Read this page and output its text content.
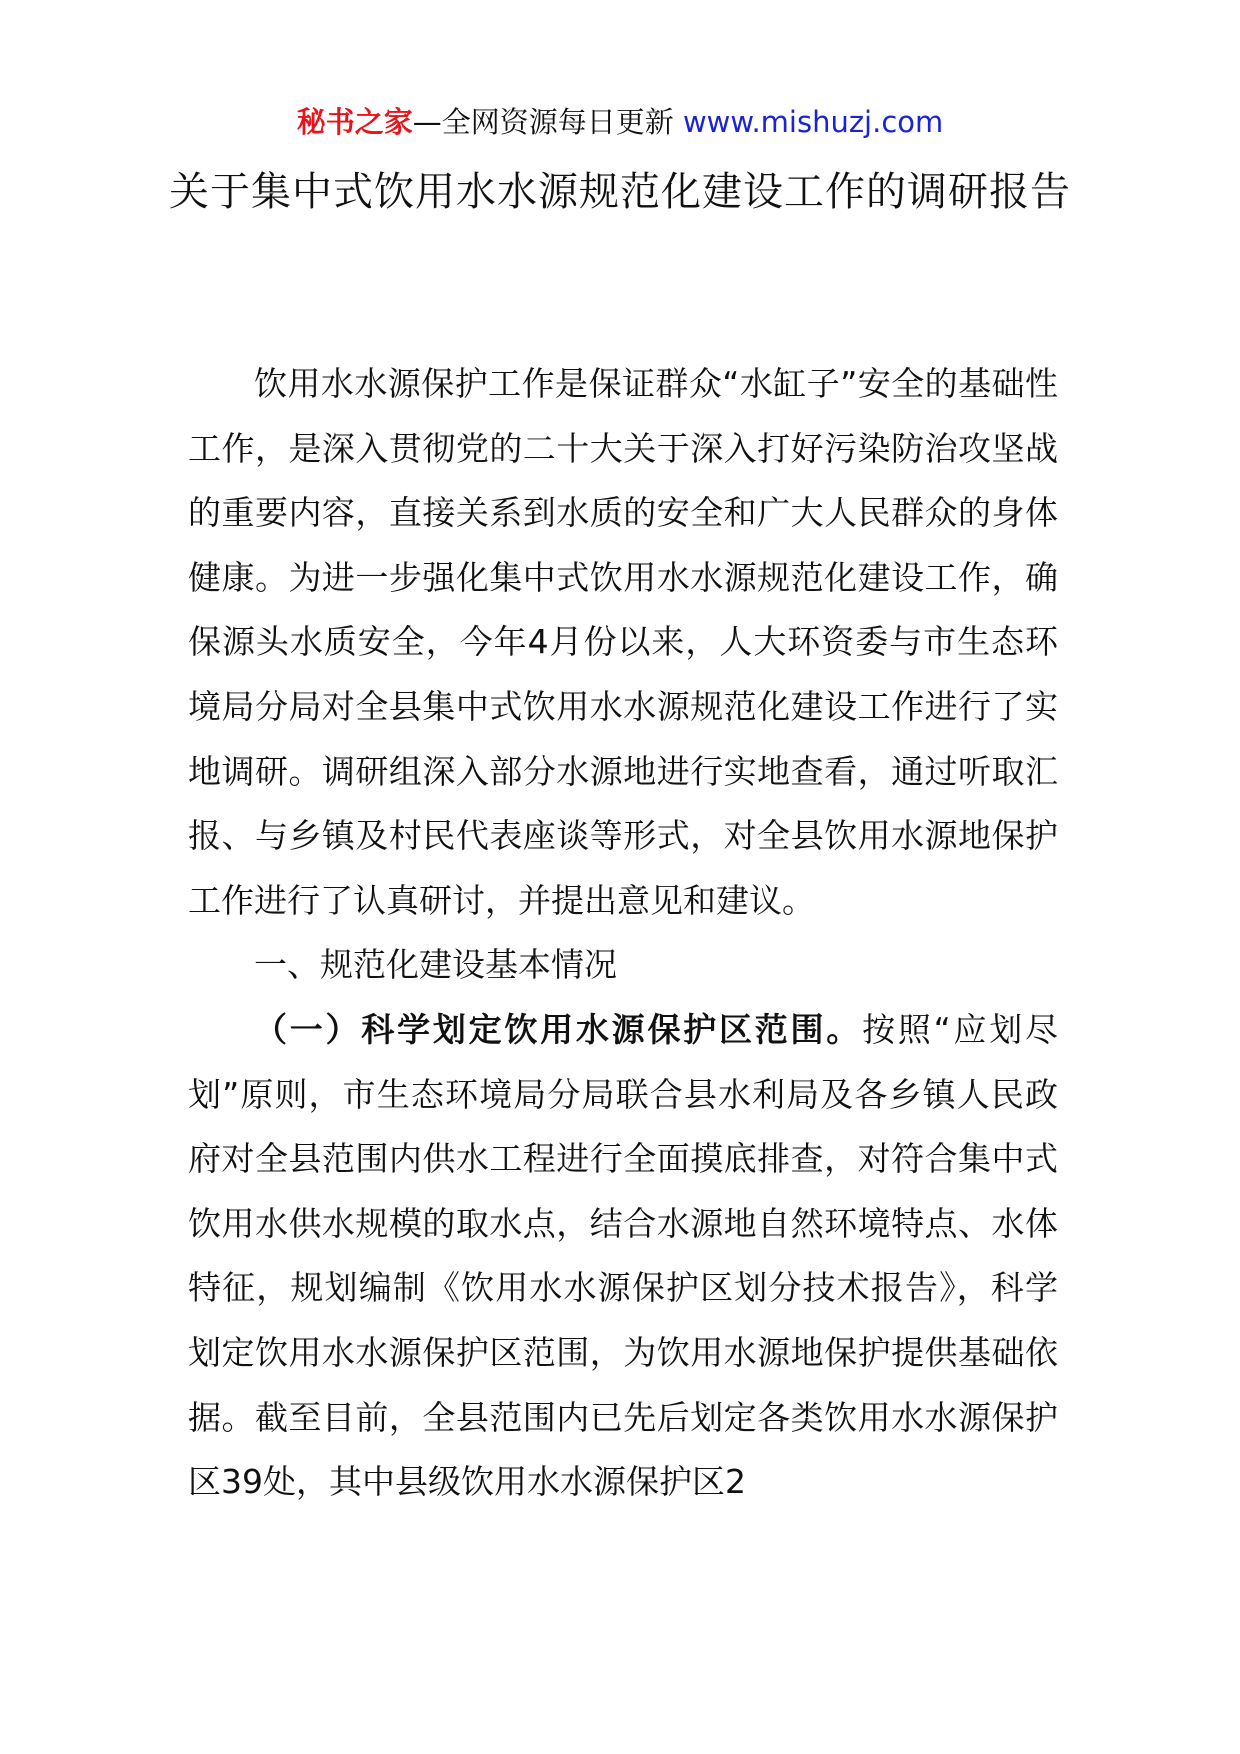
秘书之家—全网资源每日更新 www.mishuzj.com
关于集中式饮用水水源规范化建设工作的调研报告

饮用水水源保护工作是保证群众“水缸子”安全的基础性工作，是深入贯彻党的二十大关于深入打好污染防治攻坚战的重要内容，直接关系到水质的安全和广大人民群众的身体健康。为进一步强化集中式饮用水水源规范化建设工作，确保源头水质安全，今年4月份以来，人大环资委与市生态环境局分局对全县集中式饮用水水源规范化建设工作进行了实地调研。调研组深入部分水源地进行实地查看，通过听取汇报、与乡镇及村民代表座谈等形式，对全县饮用水源地保护工作进行了认真研讨，并提出意见和建议。

一、规范化建设基本情况

（一）科学划定饮用水源保护区范围。按照“应划尽划”原则，市生态环境局分局联合县水利局及各乡镇人民政府对全县范围内供水工程进行全面摸底排查，对符合集中式饮用水供水规模的取水点，结合水源地自然环境特点、水体特征，规划编制《饮用水水源保护区划分技术报告》，科学划定饮用水水源保护区范围，为饮用水源地保护提供基础依据。截至目前，全县范围内已先后划定各类饮用水水源保护区39处，其中县级饮用水水源保护区2
